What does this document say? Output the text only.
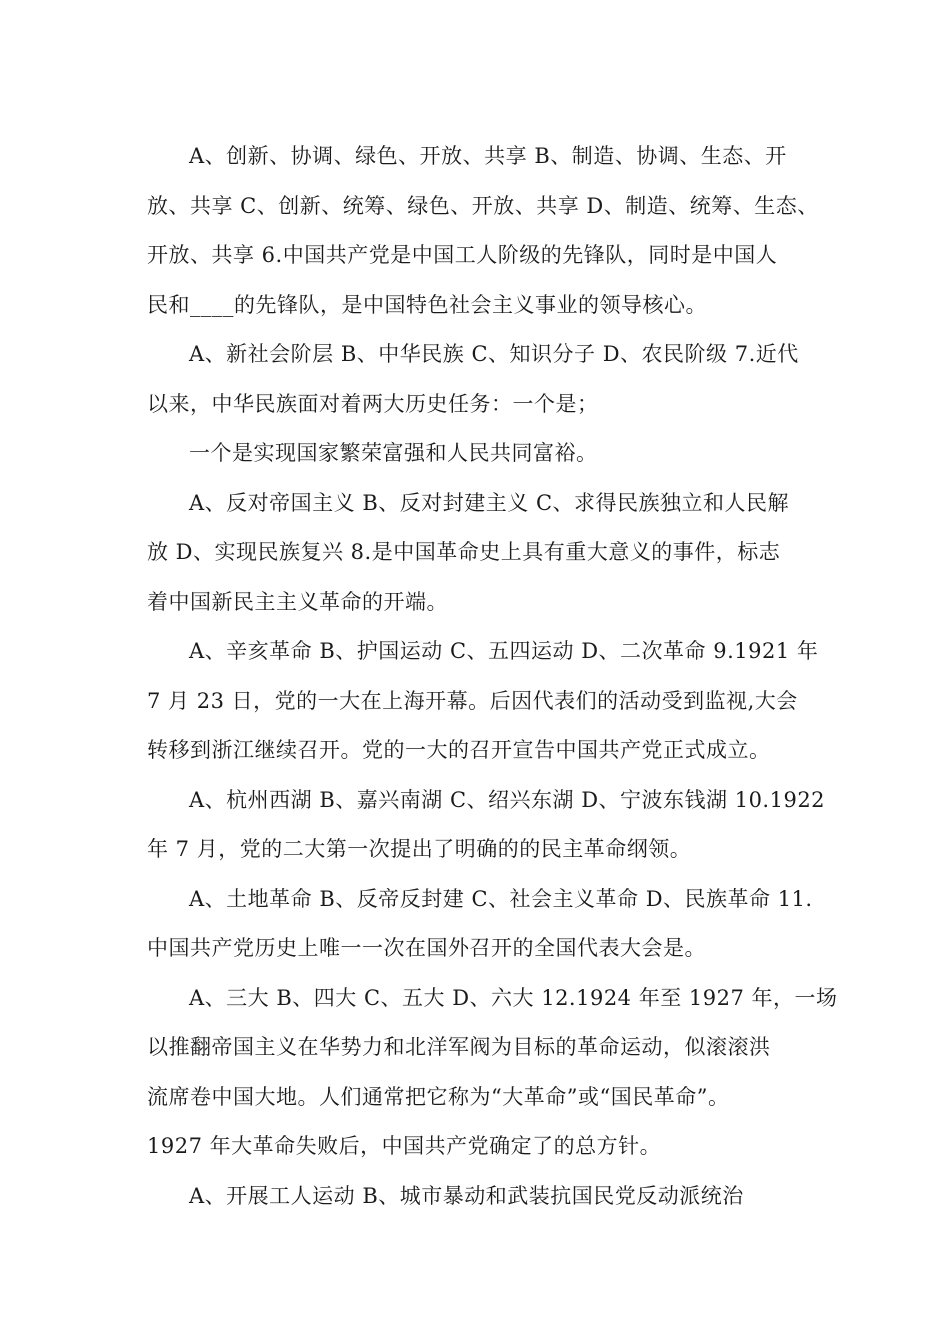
A、创新、协调、绿色、开放、共享 B、制造、协调、生态、开
放、共享 C、创新、统筹、绿色、开放、共享 D、制造、统筹、生态、
开放、共享 6.中国共产党是中国工人阶级的先锋队，同时是中国人
民和____的先锋队，是中国特色社会主义事业的领导核心。
A、新社会阶层 B、中华民族 C、知识分子 D、农民阶级 7.近代
以来，中华民族面对着两大历史任务：一个是；
一个是实现国家繁荣富强和人民共同富裕。
A、反对帝国主义 B、反对封建主义 C、求得民族独立和人民解
放 D、实现民族复兴 8.是中国革命史上具有重大意义的事件，标志
着中国新民主主义革命的开端。
A、辛亥革命 B、护国运动 C、五四运动 D、二次革命 9.1921 年
7 月 23 日，党的一大在上海开幕。后因代表们的活动受到监视,大会
转移到浙江继续召开。党的一大的召开宣告中国共产党正式成立。
A、杭州西湖 B、嘉兴南湖 C、绍兴东湖 D、宁波东钱湖 10.1922
年 7 月，党的二大第一次提出了明确的的民主革命纲领。
A、土地革命 B、反帝反封建 C、社会主义革命 D、民族革命 11.
中国共产党历史上唯一一次在国外召开的全国代表大会是。
A、三大 B、四大 C、五大 D、六大 12.1924 年至 1927 年，一场
以推翻帝国主义在华势力和北洋军阀为目标的革命运动，似滚滚洪
流席卷中国大地。人们通常把它称为“大革命”或“国民革命”。
1927 年大革命失败后，中国共产党确定了的总方针。
A、开展工人运动 B、城市暴动和武装抗国民党反动派统治
